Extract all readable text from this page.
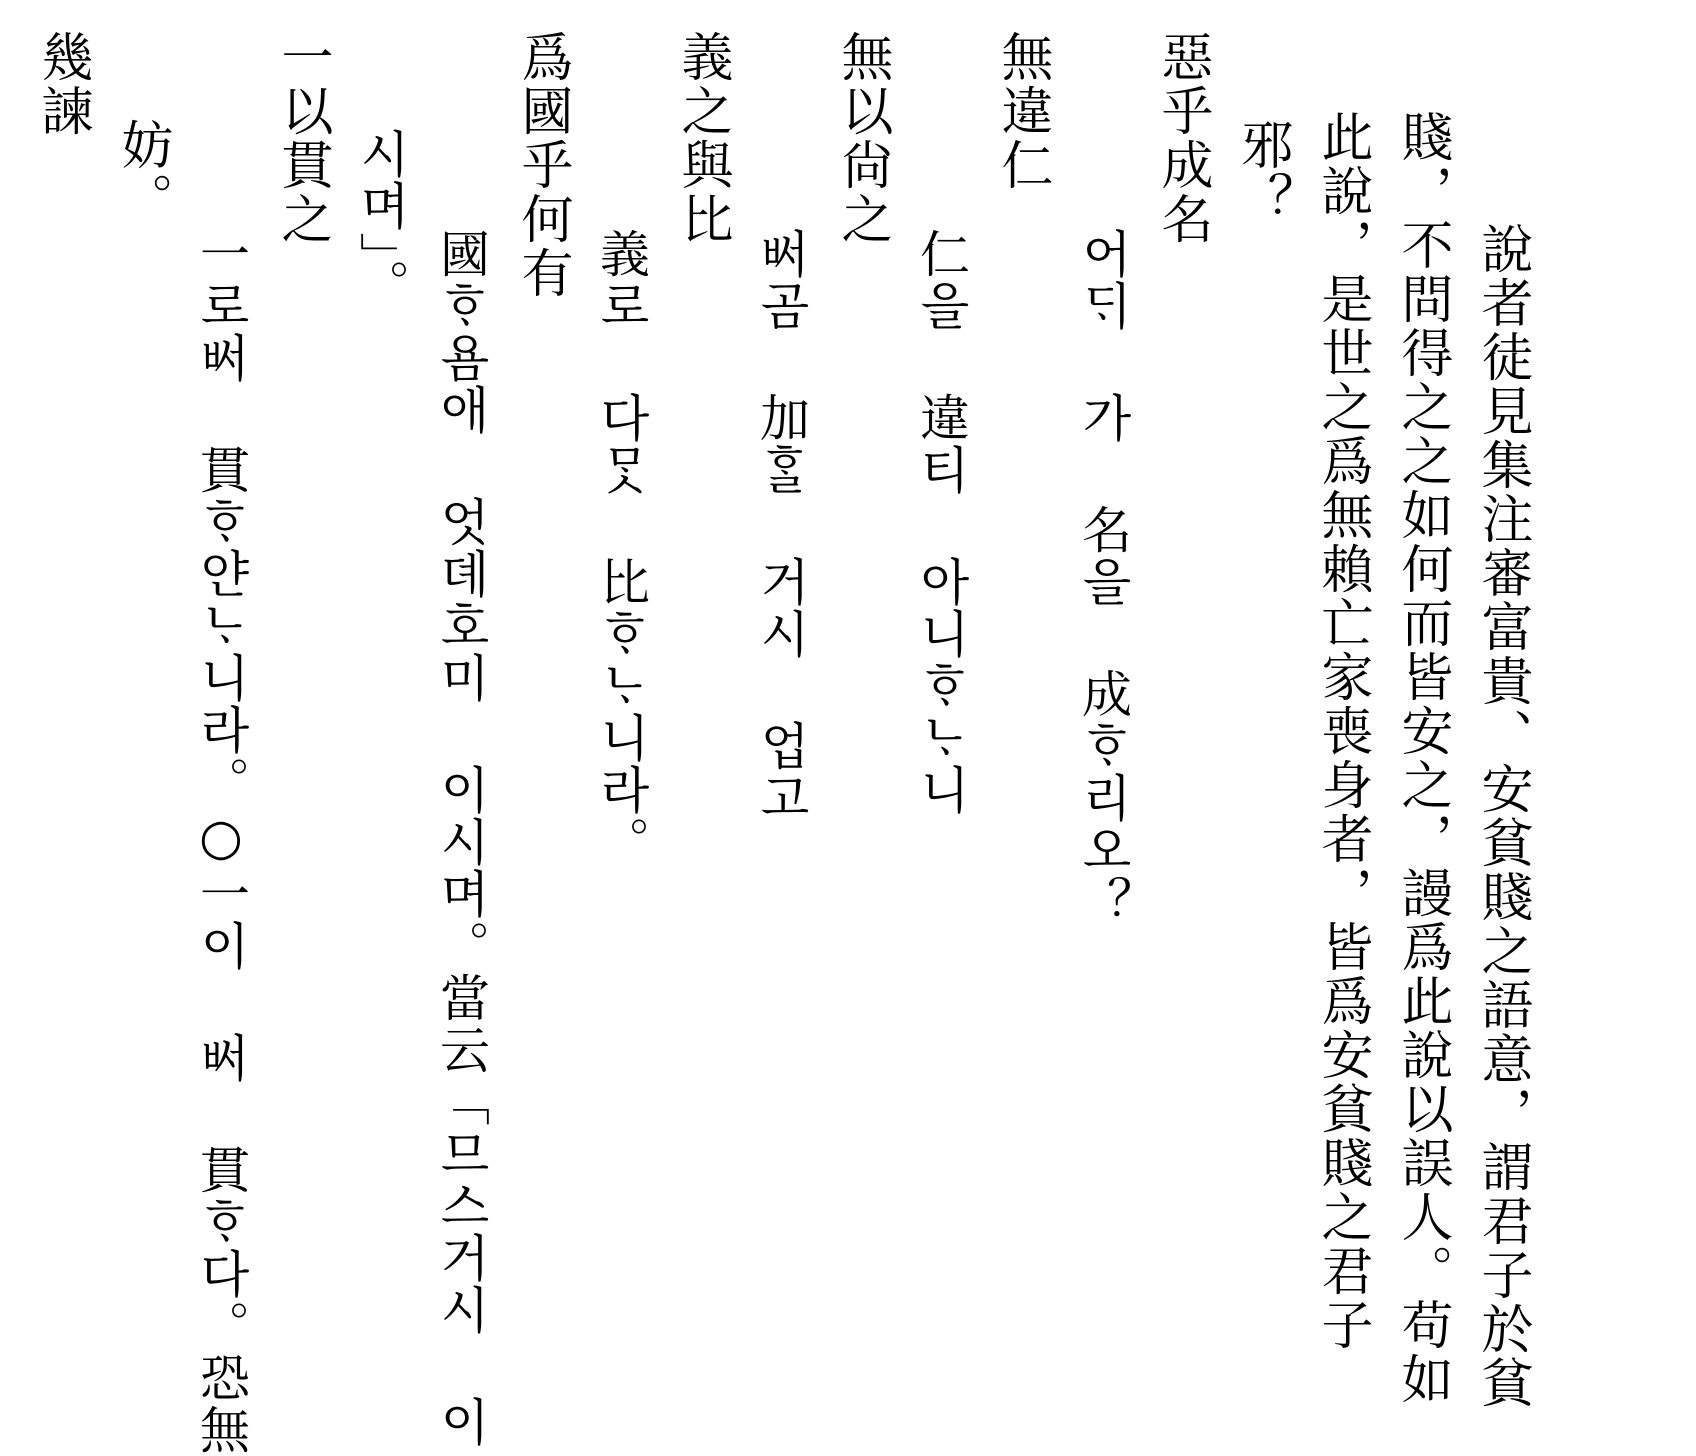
說者徒見集注審富貴、安貧賤之語意，謂君子於貧
賤，不問得之之如何而皆安之，謾爲此說以誤人。苟如
此說，是世之爲無賴亡家喪身者，皆爲安貧賤之君子
邪？
惡乎成名
어ᄃᆡ 가 名을 成ᄒᆞ리오？
無違仁
仁을 違티 아니ᄒᆞᄂᆞ니
無以尙之
ᄡᅥ곰 加ᄒᆞᆯ 거시 업고
義之與比
義로 다ᄆᆞᆺ 比ᄒᆞᄂᆞ니라。
爲國乎何有
國ᄒᆞ욤애 엇뎨호미 이시며。當云「므스거시 이
시며」。
一以貫之
一로ᄡᅥ 貫ᄒᆞ얀ᄂᆞ니라。○一이 ᄡᅥ 貫ᄒᆞ다。恐無
妨。
幾諫
